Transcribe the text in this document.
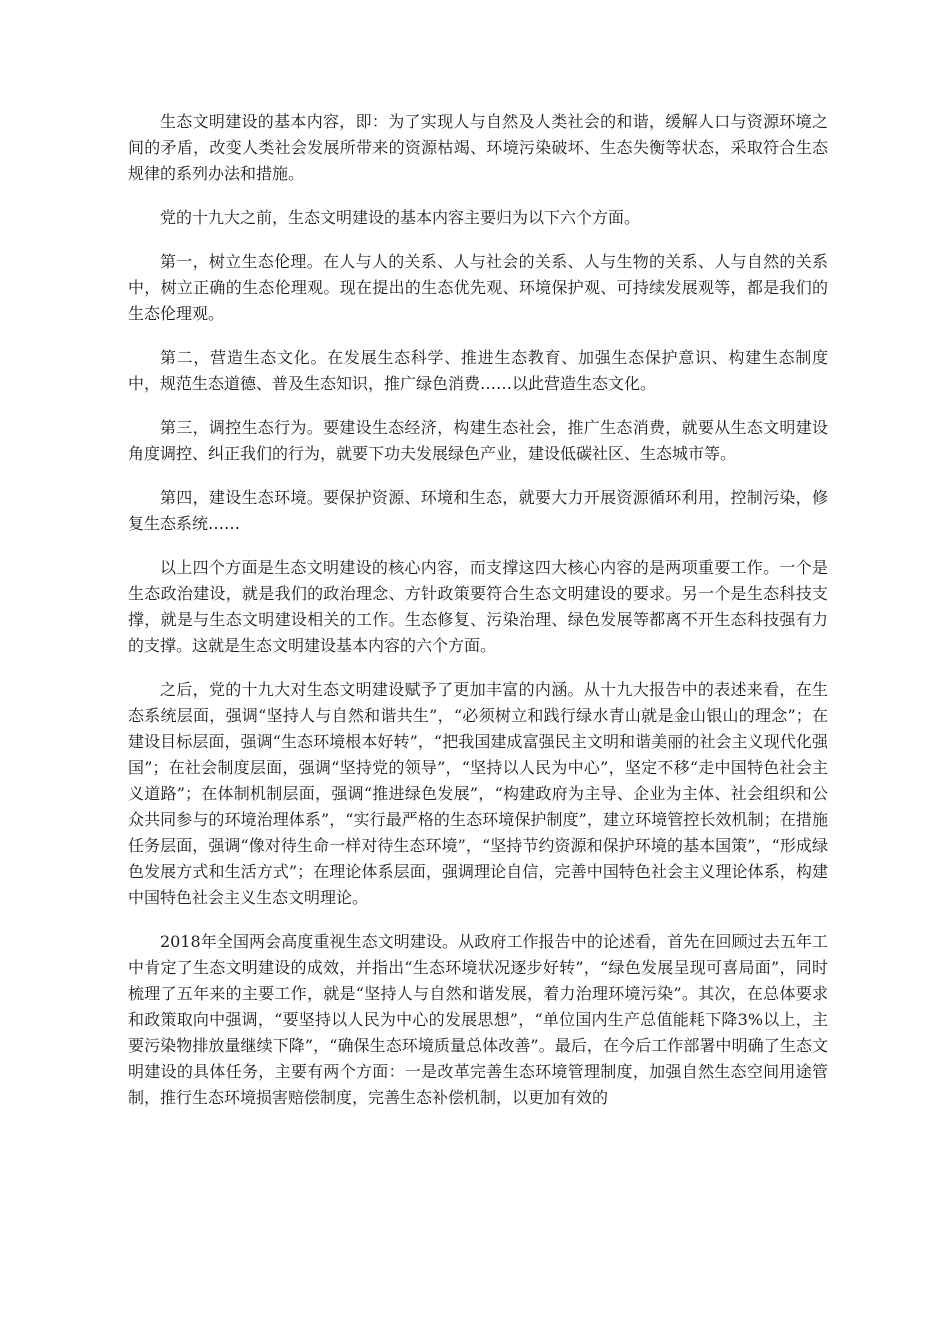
生态文明建设的基本内容，即：为了实现人与自然及人类社会的和谐，缓解人口与资源环境之间的矛盾，改变人类社会发展所带来的资源枯竭、环境污染破坏、生态失衡等状态，采取符合生态规律的系列办法和措施。

党的十九大之前，生态文明建设的基本内容主要归为以下六个方面。

第一，树立生态伦理。在人与人的关系、人与社会的关系、人与生物的关系、人与自然的关系中，树立正确的生态伦理观。现在提出的生态优先观、环境保护观、可持续发展观等，都是我们的生态伦理观。

第二，营造生态文化。在发展生态科学、推进生态教育、加强生态保护意识、构建生态制度中，规范生态道德、普及生态知识，推广绿色消费……以此营造生态文化。

第三，调控生态行为。要建设生态经济，构建生态社会，推广生态消费，就要从生态文明建设角度调控、纠正我们的行为，就要下功夫发展绿色产业，建设低碳社区、生态城市等。

第四，建设生态环境。要保护资源、环境和生态，就要大力开展资源循环利用，控制污染，修复生态系统……

以上四个方面是生态文明建设的核心内容，而支撑这四大核心内容的是两项重要工作。一个是生态政治建设，就是我们的政治理念、方针政策要符合生态文明建设的要求。另一个是生态科技支撑，就是与生态文明建设相关的工作。生态修复、污染治理、绿色发展等都离不开生态科技强有力的支撑。这就是生态文明建设基本内容的六个方面。

之后，党的十九大对生态文明建设赋予了更加丰富的内涵。从十九大报告中的表述来看，在生态系统层面，强调“坚持人与自然和谐共生”，“必须树立和践行绿水青山就是金山银山的理念”；在建设目标层面，强调“生态环境根本好转”，“把我国建成富强民主文明和谐美丽的社会主义现代化强国”；在社会制度层面，强调“坚持党的领导”，“坚持以人民为中心”，坚定不移“走中国特色社会主义道路”；在体制机制层面，强调“推进绿色发展”，“构建政府为主导、企业为主体、社会组织和公众共同参与的环境治理体系”，“实行最严格的生态环境保护制度”，建立环境管控长效机制；在措施任务层面，强调“像对待生命一样对待生态环境”，“坚持节约资源和保护环境的基本国策”，“形成绿色发展方式和生活方式”；在理论体系层面，强调理论自信，完善中国特色社会主义理论体系，构建中国特色社会主义生态文明理论。

2018年全国两会高度重视生态文明建设。从政府工作报告中的论述看，首先在回顾过去五年工中肯定了生态文明建设的成效，并指出“生态环境状况逐步好转”，“绿色发展呈现可喜局面”，同时梳理了五年来的主要工作，就是“坚持人与自然和谐发展，着力治理环境污染”。其次，在总体要求和政策取向中强调，“要坚持以人民为中心的发展思想”，“单位国内生产总值能耗下降3%以上，主要污染物排放量继续下降”，“确保生态环境质量总体改善”。最后，在今后工作部署中明确了生态文明建设的具体任务，主要有两个方面：一是改革完善生态环境管理制度，加强自然生态空间用途管制，推行生态环境损害赔偿制度，完善生态补偿机制，以更加有效的
